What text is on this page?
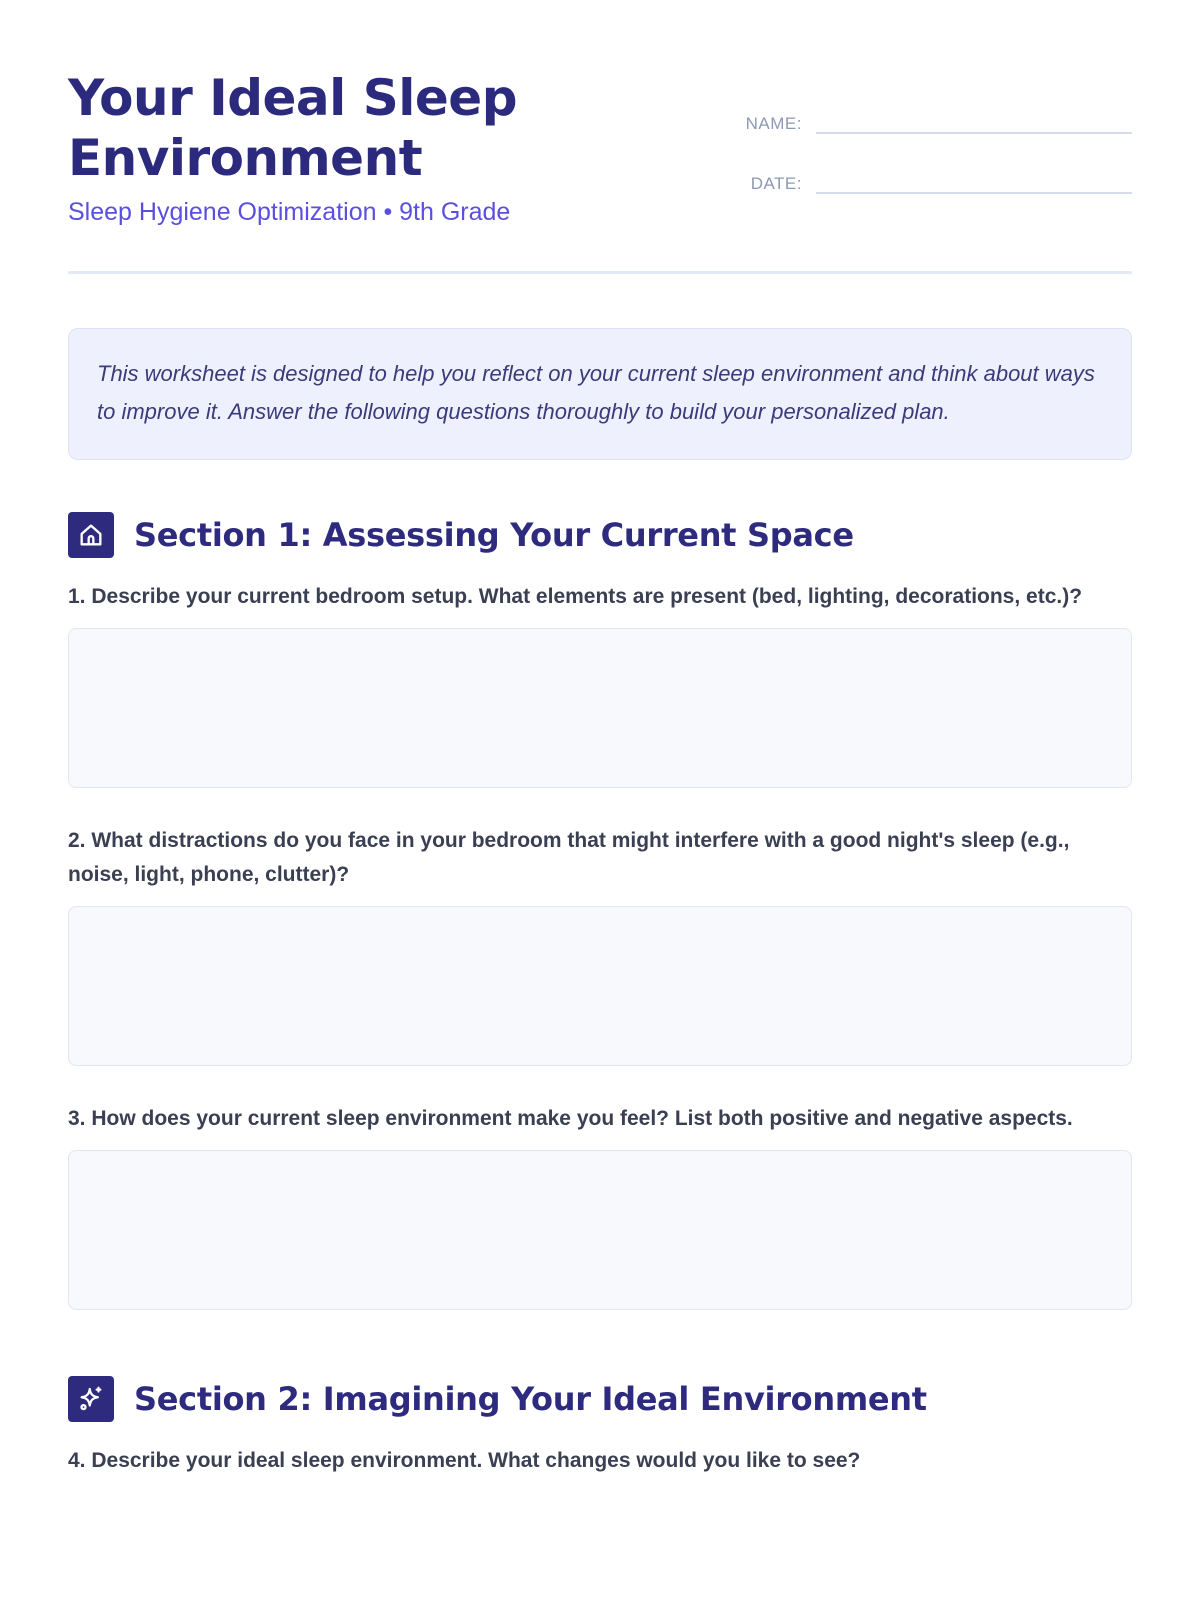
Your Ideal Sleep Environment
Sleep Hygiene Optimization • 9th Grade
NAME:
DATE:

This worksheet is designed to help you reflect on your current sleep environment and think about ways to improve it. Answer the following questions thoroughly to build your personalized plan.

Section 1: Assessing Your Current Space
1. Describe your current bedroom setup. What elements are present (bed, lighting, decorations, etc.)?
2. What distractions do you face in your bedroom that might interfere with a good night's sleep (e.g., noise, light, phone, clutter)?
3. How does your current sleep environment make you feel? List both positive and negative aspects.
Section 2: Imagining Your Ideal Environment
4. Describe your ideal sleep environment. What changes would you like to see?
